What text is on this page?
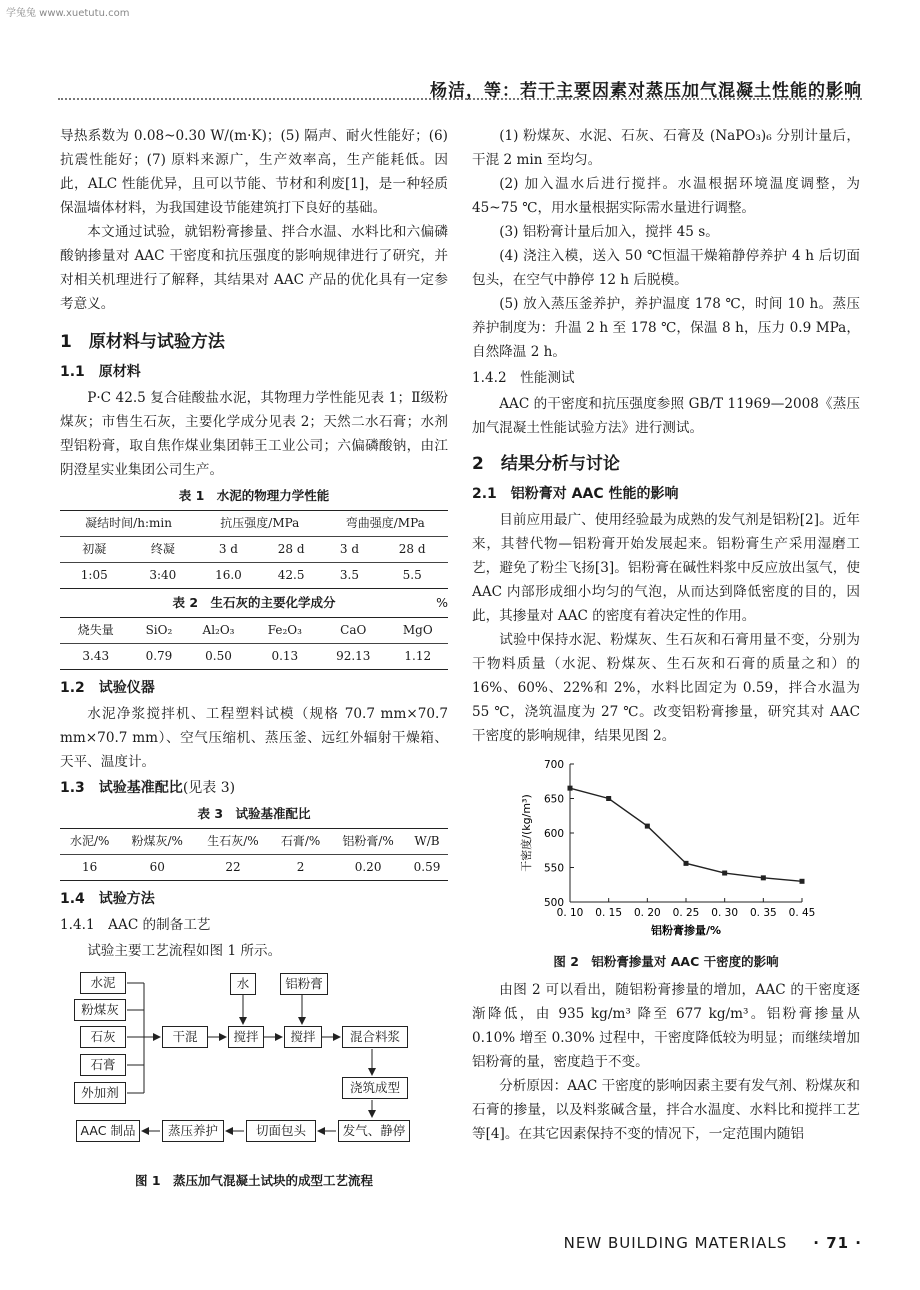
学兔兔 www.xuetutu.com
杨洁，等：若干主要因素对蒸压加气混凝土性能的影响

导热系数为 0.08~0.30 W/(m·K)；(5) 隔声、耐火性能好；(6) 抗震性能好；(7) 原料来源广，生产效率高，生产能耗低。因此，ALC 性能优异，且可以节能、节材和利废[1]，是一种轻质保温墙体材料，为我国建设节能建筑打下良好的基础。

本文通过试验，就铝粉膏掺量、拌合水温、水料比和六偏磷酸钠掺量对 AAC 干密度和抗压强度的影响规律进行了研究，并对相关机理进行了解释，其结果对 AAC 产品的优化具有一定参考意义。

1　原材料与试验方法
1.1　原材料

P·C 42.5 复合硅酸盐水泥，其物理力学性能见表 1；Ⅱ级粉煤灰；市售生石灰，主要化学成分见表 2；天然二水石膏；水剂型铝粉膏，取自焦作煤业集团韩王工业公司；六偏磷酸钠，由江阴澄星实业集团公司生产。

表 1　水泥的物理力学性能
凝结时间/h:min		抗压强度/MPa		弯曲强度/MPa	
初凝	终凝	3 d	28 d	3 d	28 d
1:05	3:40	16.0	42.5	3.5	5.5
表 2　生石灰的主要化学成分	%
烧失量	SiO₂	Al₂O₃	Fe₂O₃	CaO	MgO
3.43	0.79	0.50	0.13	92.13	1.12
1.2　试验仪器

水泥净浆搅拌机、工程塑料试模（规格 70.7 mm×70.7 mm×70.7 mm）、空气压缩机、蒸压釜、远红外辐射干燥箱、天平、温度计。

1.3　试验基准配比(见表 3)
表 3　试验基准配比
水泥/%	粉煤灰/%	生石灰/%	石膏/%	铝粉膏/%	W/B
16	60	22	2	0.20	0.59
1.4　试验方法
1.4.1　AAC 的制备工艺

试验主要工艺流程如图 1 所示。

水泥
粉煤灰
石灰
石膏
外加剂
干混
水
搅拌
铝粉膏
搅拌	混合料浆
浇筑成型
发气、静停
切面包头
蒸压养护
AAC 制品
图 1　蒸压加气混凝土试块的成型工艺流程

(1) 粉煤灰、水泥、石灰、石膏及 (NaPO₃)₆ 分别计量后，干混 2 min 至均匀。

(2) 加入温水后进行搅拌。水温根据环境温度调整，为 45~75 ℃，用水量根据实际需水量进行调整。

(3) 铝粉膏计量后加入，搅拌 45 s。

(4) 浇注入模，送入 50 ℃恒温干燥箱静停养护 4 h 后切面包头，在空气中静停 12 h 后脱模。

(5) 放入蒸压釜养护，养护温度 178 ℃，时间 10 h。蒸压养护制度为：升温 2 h 至 178 ℃，保温 8 h，压力 0.9 MPa，自然降温 2 h。

1.4.2　性能测试

AAC 的干密度和抗压强度参照 GB/T 11969—2008《蒸压加气混凝土性能试验方法》进行测试。

2　结果分析与讨论
2.1　铝粉膏对 AAC 性能的影响

目前应用最广、使用经验最为成熟的发气剂是铝粉[2]。近年来，其替代物—铝粉膏开始发展起来。铝粉膏生产采用湿磨工艺，避免了粉尘飞扬[3]。铝粉膏在碱性料浆中反应放出氢气，使 AAC 内部形成细小均匀的气泡，从而达到降低密度的目的，因此，其掺量对 AAC 的密度有着决定性的作用。

试验中保持水泥、粉煤灰、生石灰和石膏用量不变，分别为干物料质量（水泥、粉煤灰、生石灰和石膏的质量之和）的 16%、60%、22%和 2%，水料比固定为 0.59，拌合水温为 55 ℃，浇筑温度为 27 ℃。改变铝粉膏掺量，研究其对 AAC 干密度的影响规律，结果见图 2。

500
550
600
650
700
0. 10 0. 15 0. 20 0. 25 0. 30 0. 35 0. 45
铝粉膏掺量/%
干密度/(kg/m³)
图 2　铝粉膏掺量对 AAC 干密度的影响

由图 2 可以看出，随铝粉膏掺量的增加，AAC 的干密度逐渐降低，由 935 kg/m³ 降至 677 kg/m³。铝粉膏掺量从 0.10% 增至 0.30% 过程中，干密度降低较为明显；而继续增加铝粉膏的量，密度趋于不变。

分析原因：AAC 干密度的影响因素主要有发气剂、粉煤灰和石膏的掺量，以及料浆碱含量，拌合水温度、水料比和搅拌工艺等[4]。在其它因素保持不变的情况下，一定范围内随铝

NEW BUILDING MATERIALS · 71 ·
